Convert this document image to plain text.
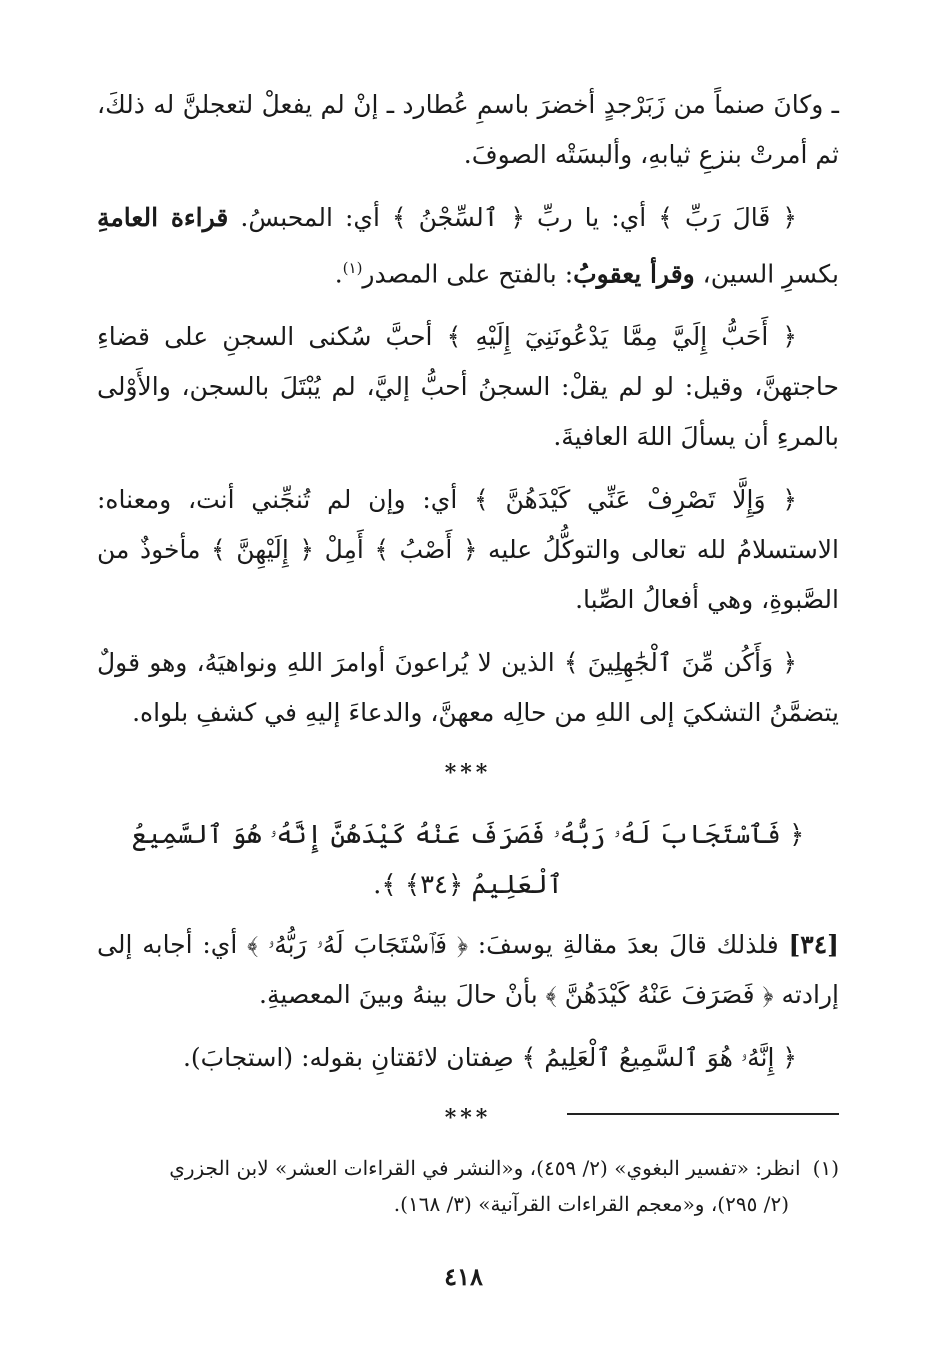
ـ وكانَ صنماً من زَبَرْجدٍ أخضرَ باسمِ عُطارد ـ إنْ لم يفعلْ لتعجلنَّ له ذلكَ، ثم أمرتْ بنزعِ ثيابهِ، وألبسَتْه الصوفَ.

﴿ قَالَ رَبِّ ﴾ أي: يا ربِّ ﴿ ٱلسِّجْنُ ﴾ أي: المحبسُ. قراءة العامةِ بكسرِ السين، وقرأ يعقوبُ: بالفتح على المصدر$^{(١)}$.

﴿ أَحَبُّ إِلَيَّ مِمَّا يَدْعُونَنِيٓ إِلَيْهِ ﴾ أحبَّ سُكنى السجنِ على قضاءِ حاجتهنَّ، وقيل: لو لم يقلْ: السجنُ أحبُّ إليَّ، لم يُبْتَلَ بالسجن، والأَوْلى بالمرءِ أن يسألَ اللهَ العافيةَ.

﴿ وَإِلَّا تَصْرِفْ عَنِّي كَيْدَهُنَّ ﴾ أي: وإن لم تُنجِّني أنت، ومعناه: الاستسلامُ لله تعالى والتوكُّلُ عليه ﴿ أَصْبُ ﴾ أَمِلْ ﴿ إِلَيْهِنَّ ﴾ مأخوذٌ من الصَّبوةِ، وهي أفعالُ الصِّبا.

﴿ وَأَكُن مِّنَ ٱلْجَٰهِلِينَ ﴾ الذين لا يُراعونَ أوامرَ اللهِ ونواهيَهُ، وهو قولٌ يتضمَّنُ التشكيَ إلى اللهِ من حالِه معهنَّ، والدعاءَ إليهِ في كشفِ بلواه.

***
﴿ فَٱسْتَجَابَ لَهُۥ رَبُّهُۥ فَصَرَفَ عَنْهُ كَيْدَهُنَّ إِنَّهُۥ هُوَ ٱلسَّمِيعُ ٱلْعَلِيمُ ﴿٣٤﴾ ﴾.

[٣٤] فلذلك قالَ بعدَ مقالةِ يوسفَ: ﴿ فَٱسْتَجَابَ لَهُۥ رَبُّهُۥ ﴾ أي: أجابه إلى إرادته ﴿ فَصَرَفَ عَنْهُ كَيْدَهُنَّ ﴾ بأنْ حالَ بينهُ وبينَ المعصيةِ.

﴿ إِنَّهُۥ هُوَ ٱلسَّمِيعُ ٱلْعَلِيمُ ﴾ صِفتان لائقتانِ بقوله: (استجابَ).

***
(١)انظر: «تفسير البغوي» (٢/ ٤٥٩)، و«النشر في القراءات العشر» لابن الجزري
(٢/ ٢٩٥)، و«معجم القراءات القرآنية» (٣/ ١٦٨).
٤١٨
